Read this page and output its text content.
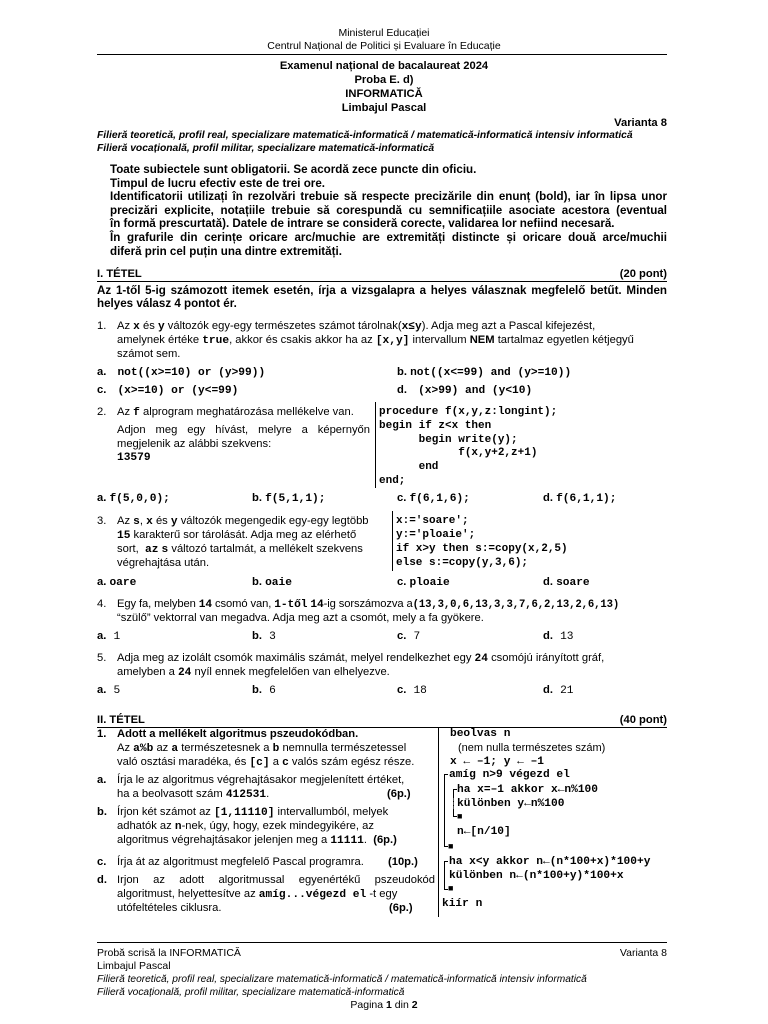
Ministerul Educației
Centrul Național de Politici și Evaluare în Educație
Examenul național de bacalaureat 2024
Proba E. d)
INFORMATICĂ
Limbajul Pascal
Varianta 8
Filieră teoretică, profil real, specializare matematică-informatică / matematică-informatică intensiv informatică
Filieră vocațională, profil militar, specializare matematică-informatică
Toate subiectele sunt obligatorii. Se acordă zece puncte din oficiu.
Timpul de lucru efectiv este de trei ore.
Identificatorii utilizați în rezolvări trebuie să respecte precizările din enunț (bold), iar în lipsa unor
precizări explicite, notațiile trebuie să corespundă cu semnificațiile asociate acestora (eventual
în formă prescurtată). Datele de intrare se consideră corecte, validarea lor nefiind necesară.
În grafurile din cerințe oricare arc/muchie are extremități distincte și oricare două arce/muchii
diferă prin cel puțin una dintre extremități.
I. TÉTEL	(20 pont)
Az 1-től 5-ig számozott itemek esetén, írja a vizsgalapra a helyes válasznak megfelelő betűt. Minden
helyes válasz 4 pontot ér.
1. Az x és y változók egy-egy természetes számot tárolnak(x≤y). Adja meg azt a Pascal kifejezést,
amelynek értéke true, akkor és csakis akkor ha az [x,y] intervallum NEM tartalmaz egyetlen kétjegyű
számot sem.
a. not((x>=10) or (y>99))	b. not((x<=99) and (y>=10))
c. (x>=10) or (y<=99)	d. (x>99) and (y<10)
2. Az f alprogram meghatározása mellékelve van.
Adjon meg egy hívást, melyre a képernyőn
megjelenik az alábbi szekvens:
13579
procedure f(x,y,z:longint);
begin if z<x then
begin write(y);
f(x,y+2,z+1)
end
end;
a. f(5,0,0);	b. f(5,1,1);	c. f(6,1,6);	d. f(6,1,1);
3. Az s, x és y változók megengedik egy-egy legtöbb
15 karakterű sor tárolását. Adja meg az elérhető
sort, az s változó tartalmát, a mellékelt szekvens
végrehajtása után.
x:='soare';
y:='ploaie';
if x>y then s:=copy(x,2,5)
else s:=copy(y,3,6);
a. oare	b. oaie	c. ploaie	d. soare
4. Egy fa, melyben 14 csomó van, 1-től 14-ig sorszámozva a(13,3,0,6,13,3,3,7,6,2,13,2,6,13)
“szülő” vektorral van megadva. Adja meg azt a csomót, mely a fa gyökere.
a. 1	b. 3	c. 7	d. 13
5. Adja meg az izolált csomók maximális számát, melyel rendelkezhet egy 24 csomójú irányított gráf,
amelyben a 24 nyíl ennek megfelelően van elhelyezve.
a. 5	b. 6	c. 18	d. 21
II. TÉTEL	(40 pont)
1. Adott a mellékelt algoritmus pszeudokódban.
Az a%b az a természetesnek a b nemnulla természetessel
való osztási maradéka, és [c] a c valós szám egész része.
a. Írja le az algoritmus végrehajtásakor megjelenített értéket,
ha a beolvasott szám 412531.	(6p.)
b. Írjon két számot az [1,11110] intervallumból, melyek
adhatók az n-nek, úgy, hogy, ezek mindegyikére, az
algoritmus végrehajtásakor jelenjen meg a 11111. (6p.)
c. Írja át az algoritmust megfelelő Pascal programra. (10p.)
d. Irjon az adott algoritmussal egyenértékű pszeudokód
algoritmust, helyettesítve az amíg...végezd el -t egy
utófeltételes ciklusra.	(6p.)
beolvas n
(nem nulla természetes szám)
x ← –1; y ← –1
amíg n>9 végezd el
ha x=–1 akkor x←n%100
különben y←n%100
■
n←[n/10]
■
ha x<y akkor n←(n*100+x)*100+y
különben n←(n*100+y)*100+x
■
kiír n
Probă scrisă la INFORMATICĂ	Varianta 8
Limbajul Pascal
Filieră teoretică, profil real, specializare matematică-informatică / matematică-informatică intensiv informatică
Filieră vocațională, profil militar, specializare matematică-informatică
Pagina 1 din 2
